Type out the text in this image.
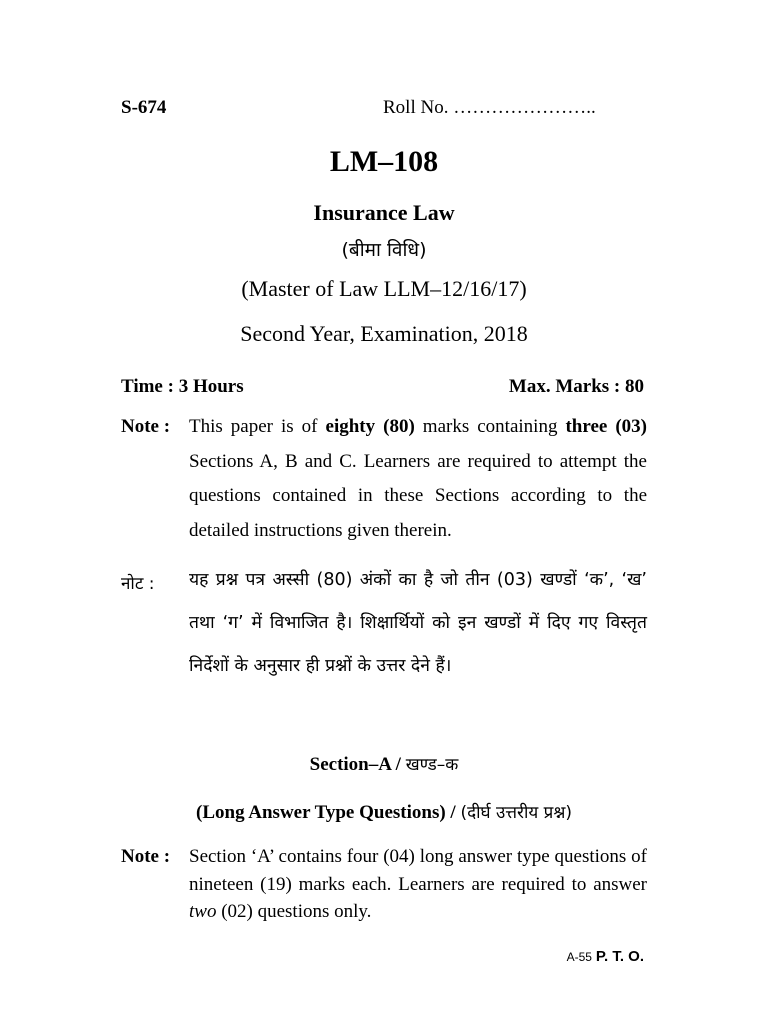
S-674	Roll No. …………………..
LM–108
Insurance Law
(बीमा विधि)
(Master of Law LLM–12/16/17)
Second Year, Examination, 2018
Time : 3 Hours	Max. Marks : 80
Note : This paper is of eighty (80) marks containing three (03) Sections A, B and C. Learners are required to attempt the questions contained in these Sections according to the detailed instructions given therein.
नोट : यह प्रश्न पत्र अस्सी (80) अंकों का है जो तीन (03) खण्डों ‘क’, ‘ख’ तथा ‘ग’ में विभाजित है। शिक्षार्थियों को इन खण्डों में दिए गए विस्तृत निर्देशों के अनुसार ही प्रश्नों के उत्तर देने हैं।
Section–A / खण्ड–क
(Long Answer Type Questions) / (दीर्घ उत्तरीय प्रश्न)
Note : Section ‘A’ contains four (04) long answer type questions of nineteen (19) marks each. Learners are required to answer two (02) questions only.
A-55 P. T. O.
